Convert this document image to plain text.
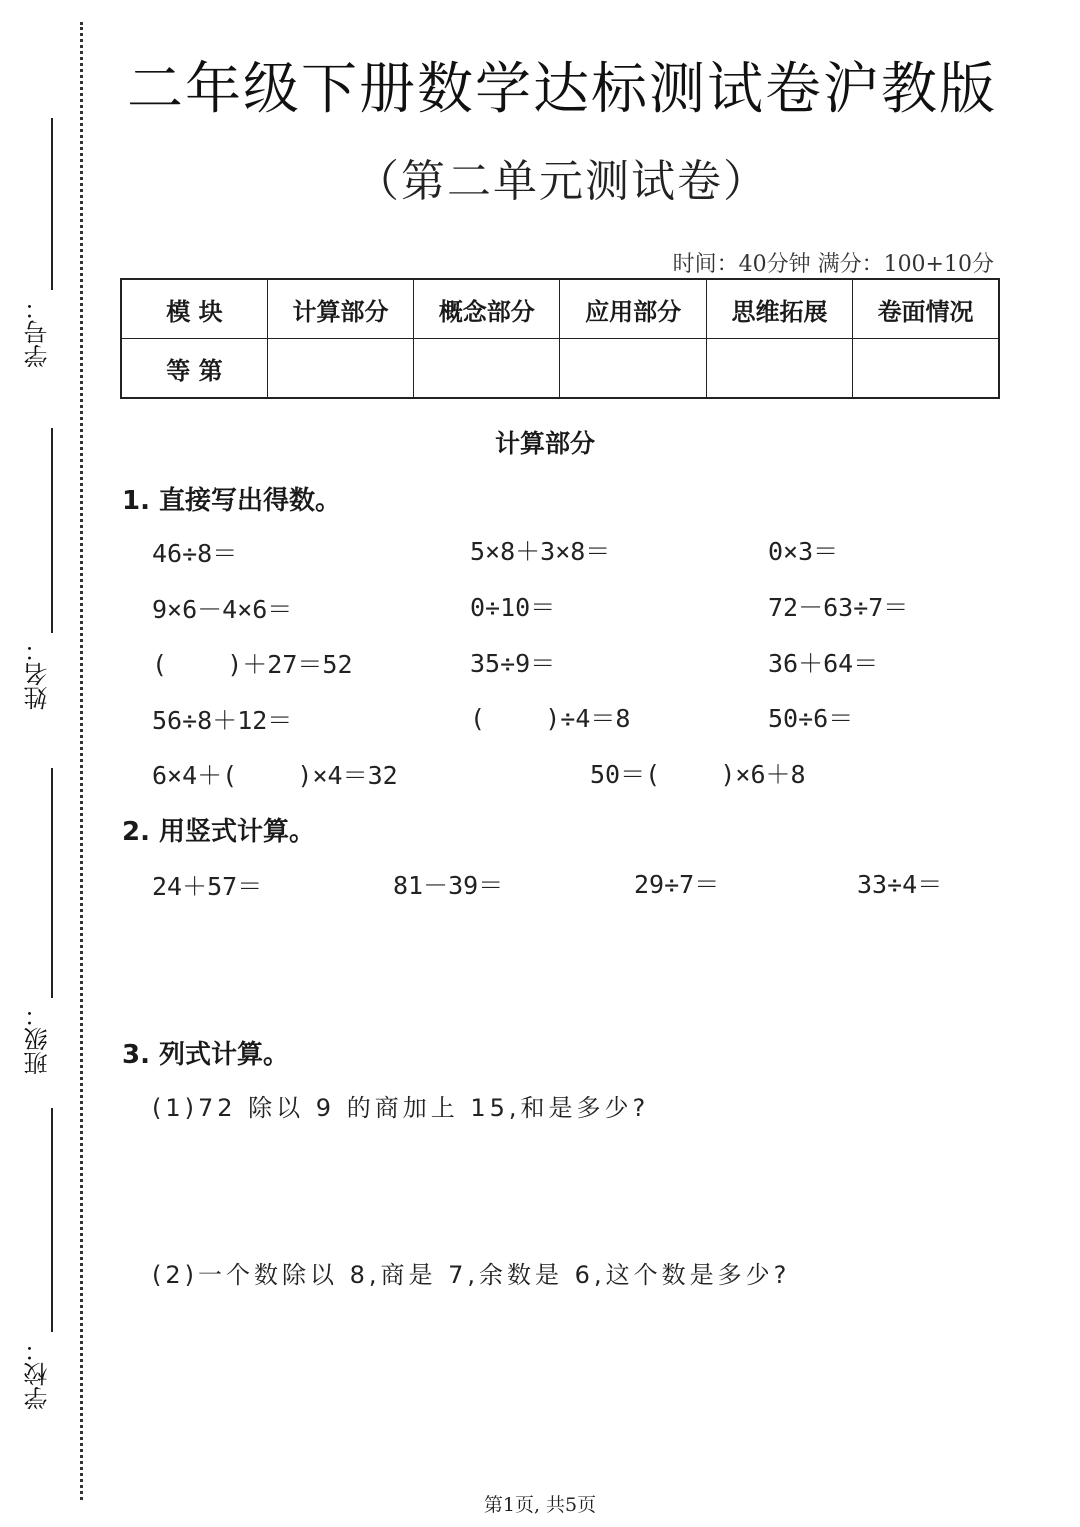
学号：
姓名：
班级：
学校：
二年级下册数学达标测试卷沪教版
（第二单元测试卷）
时间：40分钟 满分：100+10分
模 块	计算部分	概念部分	应用部分	思维拓展	卷面情况
等 第					
计算部分
1. 直接写出得数。
46÷8＝	5×8＋3×8＝	0×3＝
9×6－4×6＝	0÷10＝	72－63÷7＝
(    )＋27＝52	35÷9＝	36＋64＝
56÷8＋12＝	(    )÷4＝8	50÷6＝
6×4＋(    )×4＝32	50＝(    )×6＋8
2. 用竖式计算。
24＋57＝	81－39＝	29÷7＝	33÷4＝
3. 列式计算。
(1)72 除以 9 的商加上 15,和是多少?
(2)一个数除以 8,商是 7,余数是 6,这个数是多少?
第1页, 共5页
